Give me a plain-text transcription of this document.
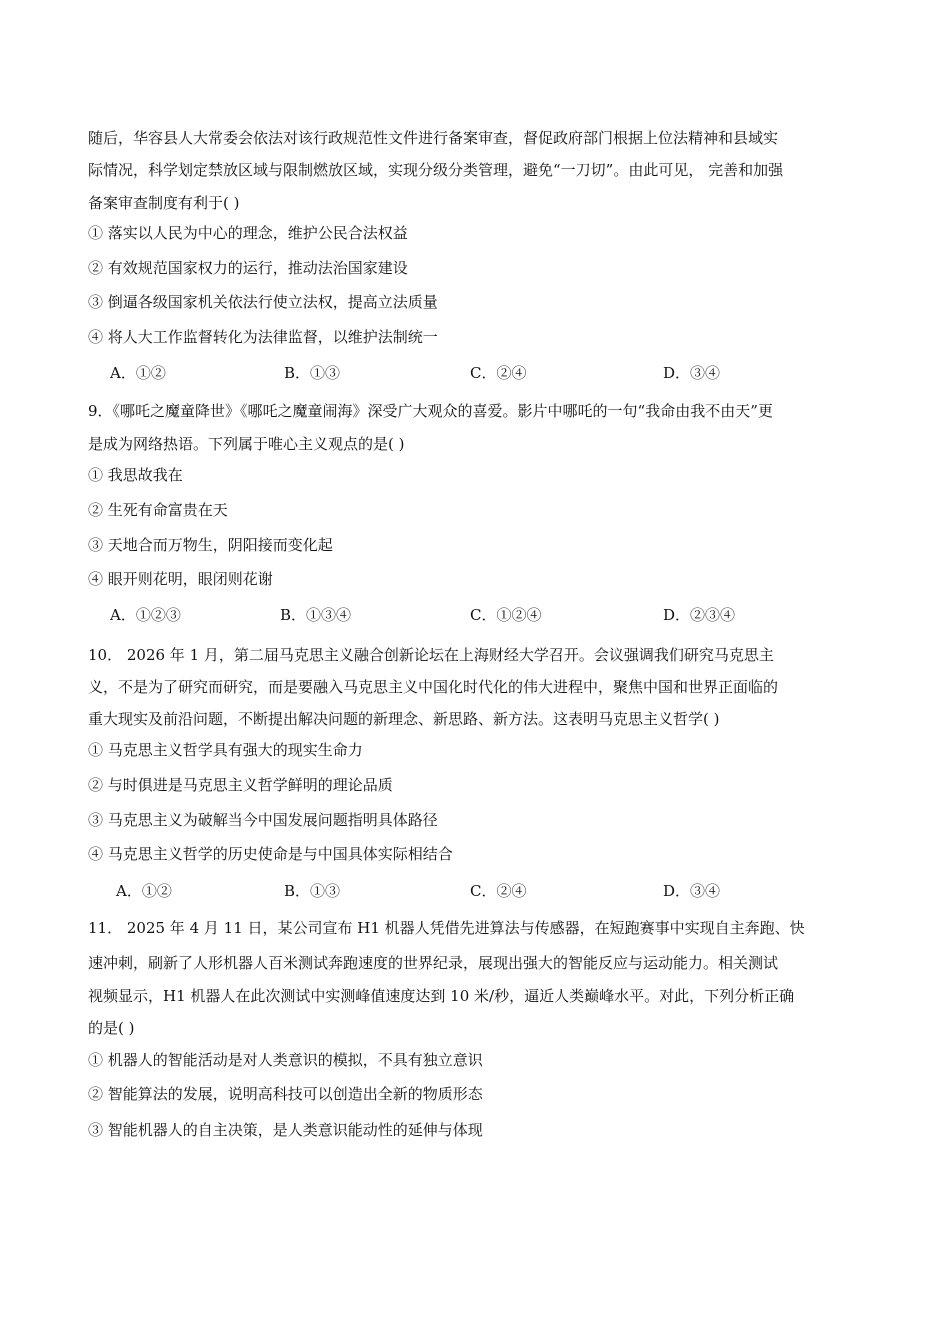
随后，华容县人大常委会依法对该行政规范性文件进行备案审查，督促政府部门根据上位法精神和县域实
际情况，科学划定禁放区域与限制燃放区域，实现分级分类管理，避免“一刀切”。由此可见， 完善和加强
备案审查制度有利于( )
① 落实以人民为中心的理念，维护公民合法权益
② 有效规范国家权力的运行，推动法治国家建设
③ 倒逼各级国家机关依法行使立法权，提高立法质量
④ 将人大工作监督转化为法律监督，以维护法制统一
A．①②	B．①③	C．②④	D．③④
9．《哪吒之魔童降世》《哪吒之魔童闹海》深受广大观众的喜爱。影片中哪吒的一句“我命由我不由天”更
是成为网络热语。下列属于唯心主义观点的是( )
① 我思故我在
② 生死有命富贵在天
③ 天地合而万物生，阴阳接而变化起
④ 眼开则花明，眼闭则花谢
A．①②③	B．①③④	C．①②④	D．②③④
10． 2026 年 1 月，第二届马克思主义融合创新论坛在上海财经大学召开。会议强调我们研究马克思主
义，不是为了研究而研究，而是要融入马克思主义中国化时代化的伟大进程中，聚焦中国和世界正面临的
重大现实及前沿问题，不断提出解决问题的新理念、新思路、新方法。这表明马克思主义哲学( )
① 马克思主义哲学具有强大的现实生命力
② 与时俱进是马克思主义哲学鲜明的理论品质
③ 马克思主义为破解当今中国发展问题指明具体路径
④ 马克思主义哲学的历史使命是与中国具体实际相结合
A．①②	B．①③	C．②④	D．③④
11． 2025 年 4 月 11 日，某公司宣布 H1 机器人凭借先进算法与传感器，在短跑赛事中实现自主奔跑、快
速冲刺，刷新了人形机器人百米测试奔跑速度的世界纪录，展现出强大的智能反应与运动能力。相关测试
视频显示，H1 机器人在此次测试中实测峰值速度达到 10 米/秒，逼近人类巅峰水平。对此，下列分析正确
的是( )
① 机器人的智能活动是对人类意识的模拟，不具有独立意识
② 智能算法的发展，说明高科技可以创造出全新的物质形态
③ 智能机器人的自主决策，是人类意识能动性的延伸与体现
